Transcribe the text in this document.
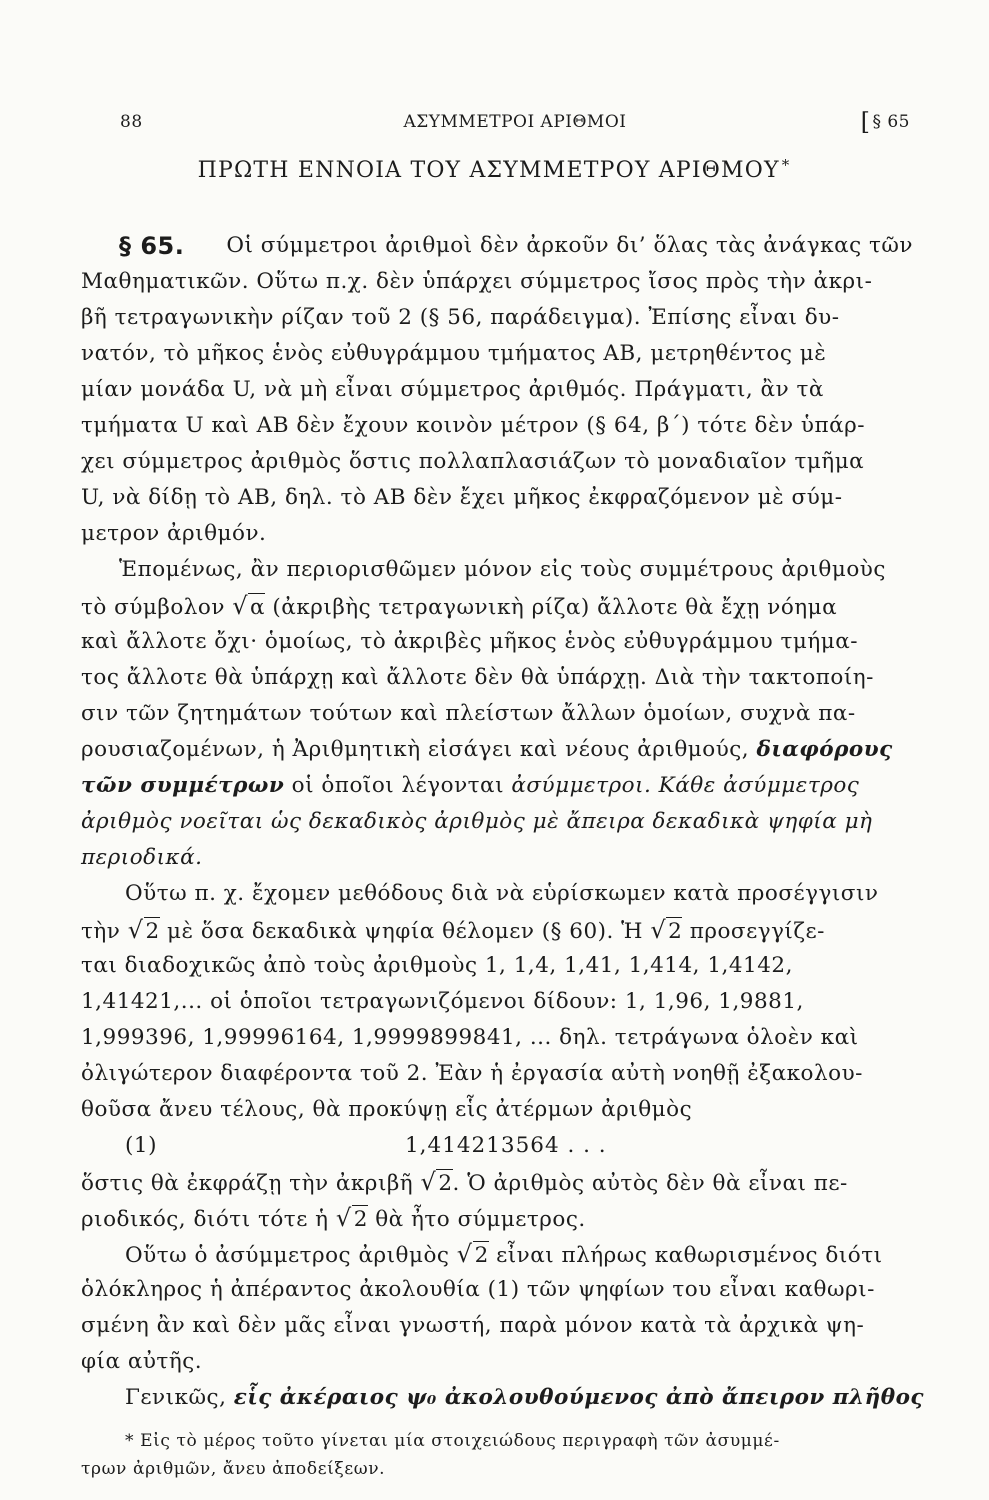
88	ΑΣΥΜΜΕΤΡΟΙ ΑΡΙΘΜΟΙ	[ § 65
ΠΡΩΤΗ ΕΝΝΟΙΑ ΤΟΥ ΑΣΥΜΜΕΤΡΟΥ ΑΡΙΘΜΟΥ *
§ 65. Οἱ σύμμετροι ἀριθμοὶ δὲν ἀρκοῦν δι’ ὅλας τὰς ἀνάγκας τῶν
Μαθηματικῶν. Οὕτω π.χ. δὲν ὑπάρχει σύμμετρος ἴσος πρὸς τὴν ἀκρι-
βῆ τετραγωνικὴν ρίζαν τοῦ 2 (§ 56, παράδειγμα). Ἐπίσης εἶναι δυ-
νατόν, τὸ μῆκος ἑνὸς εὐθυγράμμου τμήματος AB, μετρηθέντος μὲ
μίαν μονάδα U, νὰ μὴ εἶναι σύμμετρος ἀριθμός. Πράγματι, ἂν τὰ
τμήματα U καὶ AB δὲν ἔχουν κοινὸν μέτρον (§ 64, β΄) τότε δὲν ὑπάρ-
χει σύμμετρος ἀριθμὸς ὅστις πολλαπλασιάζων τὸ μοναδιαῖον τμῆμα
U, νὰ δίδῃ τὸ AB, δηλ. τὸ AB δὲν ἔχει μῆκος ἐκφραζόμενον μὲ σύμ-
μετρον ἀριθμόν.
Ἑπομένως, ἂν περιορισθῶμεν μόνον εἰς τοὺς συμμέτρους ἀριθμοὺς
τὸ σύμβολον √α (ἀκριβὴς τετραγωνικὴ ρίζα) ἄλλοτε θὰ ἔχῃ νόημα
καὶ ἄλλοτε ὄχι· ὁμοίως, τὸ ἀκριβὲς μῆκος ἑνὸς εὐθυγράμμου τμήμα-
τος ἄλλοτε θὰ ὑπάρχῃ καὶ ἄλλοτε δὲν θὰ ὑπάρχῃ. Διὰ τὴν τακτοποίη-
σιν τῶν ζητημάτων τούτων καὶ πλείστων ἄλλων ὁμοίων, συχνὰ πα-
ρουσιαζομένων, ἡ Ἀριθμητικὴ εἰσάγει καὶ νέους ἀριθμούς, διαφόρους
τῶν συμμέτρων οἱ ὁποῖοι λέγονται ἀσύμμετροι. Κάθε ἀσύμμετρος
ἀριθμὸς νοεῖται ὡς δεκαδικὸς ἀριθμὸς μὲ ἄπειρα δεκαδικὰ ψηφία μὴ
περιοδικά.
Οὕτω π. χ. ἔχομεν μεθόδους διὰ νὰ εὑρίσκωμεν κατὰ προσέγγισιν
τὴν √2 μὲ ὅσα δεκαδικὰ ψηφία θέλομεν (§ 60). Ἡ √2 προσεγγίζε-
ται διαδοχικῶς ἀπὸ τοὺς ἀριθμοὺς 1, 1,4, 1,41, 1,414, 1,4142,
1,41421,... οἱ ὁποῖοι τετραγωνιζόμενοι δίδουν: 1, 1,96, 1,9881,
1,999396, 1,99996164, 1,9999899841, ... δηλ. τετράγωνα ὁλοὲν καὶ
ὀλιγώτερον διαφέροντα τοῦ 2. Ἐὰν ἡ ἐργασία αὐτὴ νοηθῇ ἐξακολου-
θοῦσα ἄνευ τέλους, θὰ προκύψῃ εἷς ἀτέρμων ἀριθμὸς
(1)	1,414213564 . . .
ὅστις θὰ ἐκφράζῃ τὴν ἀκριβῆ √2. Ὁ ἀριθμὸς αὐτὸς δὲν θὰ εἶναι πε-
ριοδικός, διότι τότε ἡ √2 θὰ ἦτο σύμμετρος.
Οὕτω ὁ ἀσύμμετρος ἀριθμὸς √2 εἶναι πλήρως καθωρισμένος διότι
ὁλόκληρος ἡ ἀπέραντος ἀκολουθία (1) τῶν ψηφίων του εἶναι καθωρι-
σμένη ἂν καὶ δὲν μᾶς εἶναι γνωστή, παρὰ μόνον κατὰ τὰ ἀρχικὰ ψη-
φία αὐτῆς.
Γενικῶς, εἷς ἀκέραιος ψ₀ ἀκολουθούμενος ἀπὸ ἄπειρον πλῆθος
* Εἰς τὸ μέρος τοῦτο γίνεται μία στοιχειώδους περιγραφὴ τῶν ἀσυμμέ-
τρων ἀριθμῶν, ἄνευ ἀποδείξεων.
